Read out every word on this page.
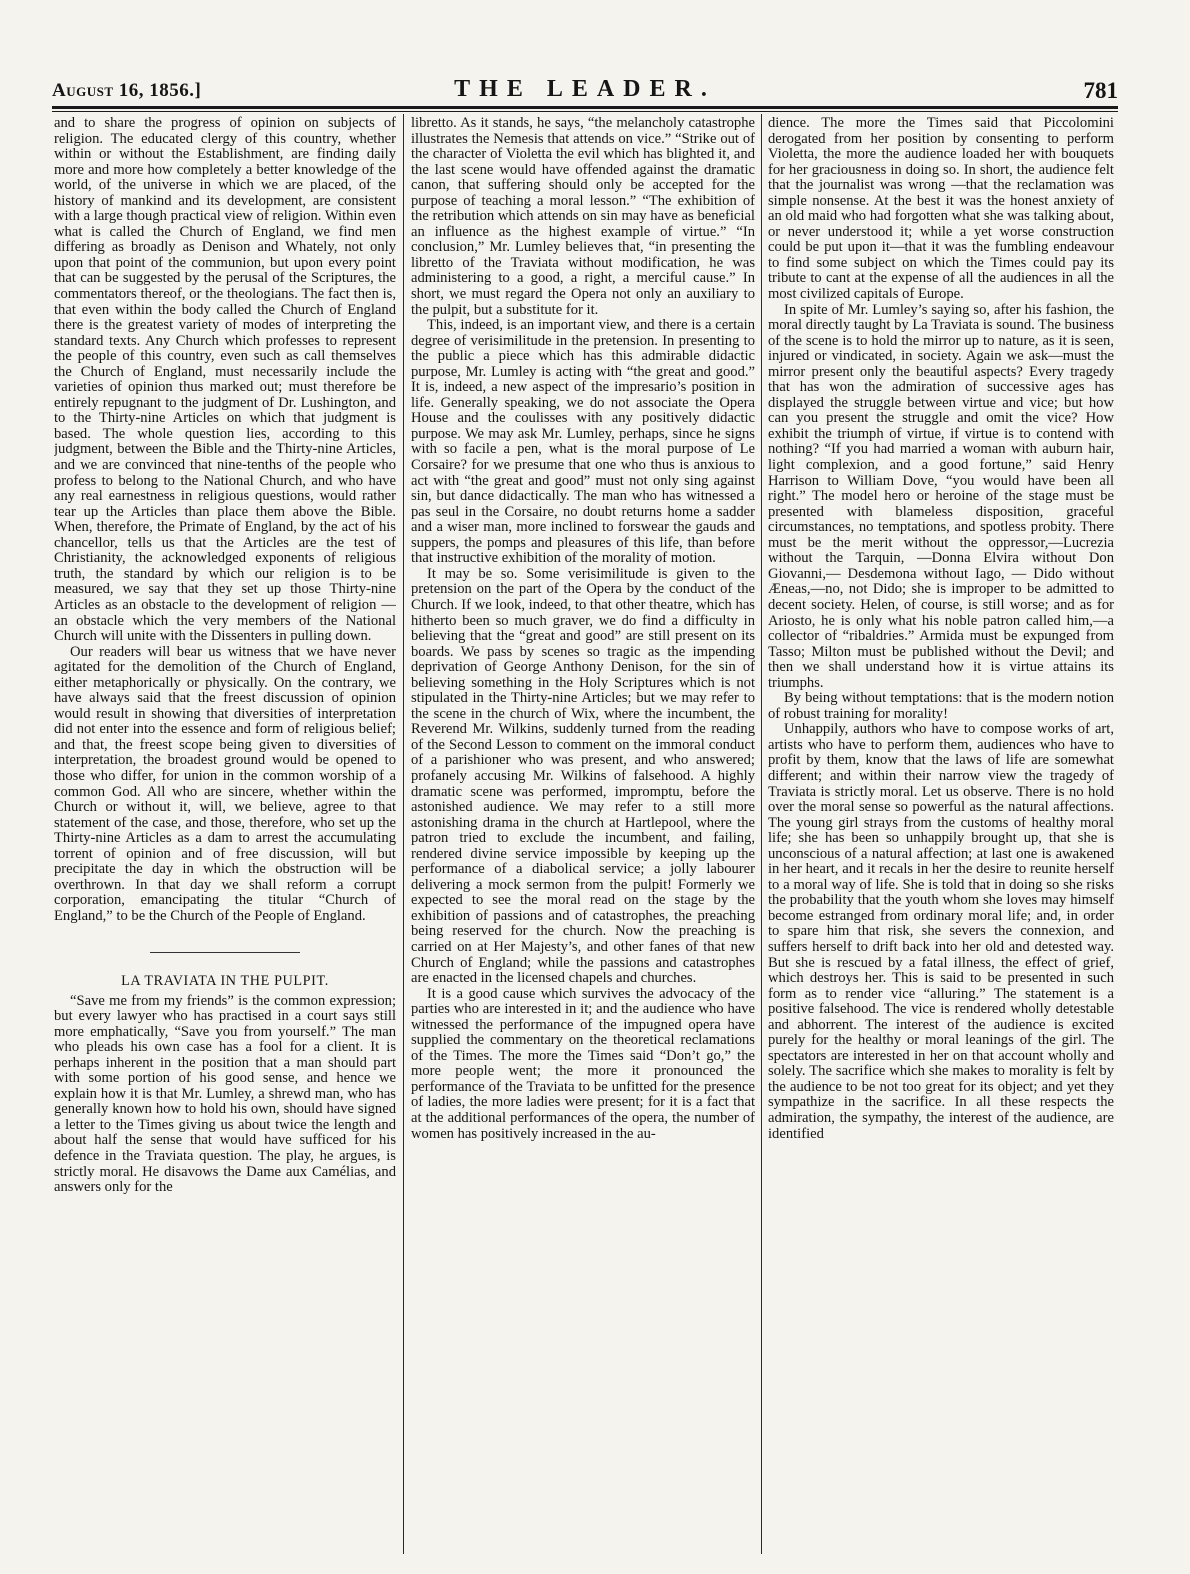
August 16, 1856.]	THE LEADER.	781

and to share the progress of opinion on subjects of religion. The educated clergy of this country, whether within or without the Establishment, are finding daily more and more how completely a better knowledge of the world, of the universe in which we are placed, of the history of mankind and its development, are consistent with a large though practical view of religion. Within even what is called the Church of England, we find men differing as broadly as Denison and Whately, not only upon that point of the communion, but upon every point that can be suggested by the perusal of the Scriptures, the commentators thereof, or the theologians. The fact then is, that even within the body called the Church of England there is the greatest variety of modes of interpreting the standard texts. Any Church which professes to represent the people of this country, even such as call themselves the Church of England, must necessarily include the varieties of opinion thus marked out; must therefore be entirely repugnant to the judgment of Dr. Lushington, and to the Thirty-nine Articles on which that judgment is based. The whole question lies, according to this judgment, between the Bible and the Thirty-nine Articles, and we are convinced that nine-tenths of the people who profess to belong to the National Church, and who have any real earnestness in religious questions, would rather tear up the Articles than place them above the Bible. When, therefore, the Primate of England, by the act of his chancellor, tells us that the Articles are the test of Christianity, the acknowledged exponents of religious truth, the standard by which our religion is to be measured, we say that they set up those Thirty-nine Articles as an obstacle to the development of religion —an obstacle which the very members of the National Church will unite with the Dissenters in pulling down.

Our readers will bear us witness that we have never agitated for the demolition of the Church of England, either metaphorically or physically. On the contrary, we have always said that the freest discussion of opinion would result in showing that diversities of interpretation did not enter into the essence and form of religious belief; and that, the freest scope being given to diversities of interpretation, the broadest ground would be opened to those who differ, for union in the common worship of a common God. All who are sincere, whether within the Church or without it, will, we believe, agree to that statement of the case, and those, therefore, who set up the Thirty-nine Articles as a dam to arrest the accumulating torrent of opinion and of free discussion, will but precipitate the day in which the obstruction will be overthrown. In that day we shall reform a corrupt corporation, emancipating the titular “Church of England,” to be the Church of the People of England.

LA TRAVIATA IN THE PULPIT.

“Save me from my friends” is the common expression; but every lawyer who has practised in a court says still more emphatically, “Save you from yourself.” The man who pleads his own case has a fool for a client. It is perhaps inherent in the position that a man should part with some portion of his good sense, and hence we explain how it is that Mr. Lumley, a shrewd man, who has generally known how to hold his own, should have signed a letter to the Times giving us about twice the length and about half the sense that would have sufficed for his defence in the Traviata question. The play, he argues, is strictly moral. He disavows the Dame aux Camélias, and answers only for the

libretto. As it stands, he says, “the melancholy catastrophe illustrates the Nemesis that attends on vice.” “Strike out of the character of Violetta the evil which has blighted it, and the last scene would have offended against the dramatic canon, that suffering should only be accepted for the purpose of teaching a moral lesson.” “The exhibition of the retribution which attends on sin may have as beneficial an influence as the highest example of virtue.” “In conclusion,” Mr. Lumley believes that, “in presenting the libretto of the Traviata without modification, he was administering to a good, a right, a merciful cause.” In short, we must regard the Opera not only an auxiliary to the pulpit, but a substitute for it.

This, indeed, is an important view, and there is a certain degree of verisimilitude in the pretension. In presenting to the public a piece which has this admirable didactic purpose, Mr. Lumley is acting with “the great and good.” It is, indeed, a new aspect of the impresario’s position in life. Generally speaking, we do not associate the Opera House and the coulisses with any positively didactic purpose. We may ask Mr. Lumley, perhaps, since he signs with so facile a pen, what is the moral purpose of Le Corsaire? for we presume that one who thus is anxious to act with “the great and good” must not only sing against sin, but dance didactically. The man who has witnessed a pas seul in the Corsaire, no doubt returns home a sadder and a wiser man, more inclined to forswear the gauds and suppers, the pomps and pleasures of this life, than before that instructive exhibition of the morality of motion.

It may be so. Some verisimilitude is given to the pretension on the part of the Opera by the conduct of the Church. If we look, indeed, to that other theatre, which has hitherto been so much graver, we do find a difficulty in believing that the “great and good” are still present on its boards. We pass by scenes so tragic as the impending deprivation of George Anthony Denison, for the sin of believing something in the Holy Scriptures which is not stipulated in the Thirty-nine Articles; but we may refer to the scene in the church of Wix, where the incumbent, the Reverend Mr. Wilkins, suddenly turned from the reading of the Second Lesson to comment on the immoral conduct of a parishioner who was present, and who answered; profanely accusing Mr. Wilkins of falsehood. A highly dramatic scene was performed, impromptu, before the astonished audience. We may refer to a still more astonishing drama in the church at Hartlepool, where the patron tried to exclude the incumbent, and failing, rendered divine service impossible by keeping up the performance of a diabolical service; a jolly labourer delivering a mock sermon from the pulpit! Formerly we expected to see the moral read on the stage by the exhibition of passions and of catastrophes, the preaching being reserved for the church. Now the preaching is carried on at Her Majesty’s, and other fanes of that new Church of England; while the passions and catastrophes are enacted in the licensed chapels and churches.

It is a good cause which survives the advocacy of the parties who are interested in it; and the audience who have witnessed the performance of the impugned opera have supplied the commentary on the theoretical reclamations of the Times. The more the Times said “Don’t go,” the more people went; the more it pronounced the performance of the Traviata to be unfitted for the presence of ladies, the more ladies were present; for it is a fact that at the additional performances of the opera, the number of women has positively increased in the au-

dience. The more the Times said that Piccolomini derogated from her position by consenting to perform Violetta, the more the audience loaded her with bouquets for her graciousness in doing so. In short, the audience felt that the journalist was wrong —that the reclamation was simple nonsense. At the best it was the honest anxiety of an old maid who had forgotten what she was talking about, or never understood it; while a yet worse construction could be put upon it—that it was the fumbling endeavour to find some subject on which the Times could pay its tribute to cant at the expense of all the audiences in all the most civilized capitals of Europe.

In spite of Mr. Lumley’s saying so, after his fashion, the moral directly taught by La Traviata is sound. The business of the scene is to hold the mirror up to nature, as it is seen, injured or vindicated, in society. Again we ask—must the mirror present only the beautiful aspects? Every tragedy that has won the admiration of successive ages has displayed the struggle between virtue and vice; but how can you present the struggle and omit the vice? How exhibit the triumph of virtue, if virtue is to contend with nothing? “If you had married a woman with auburn hair, light complexion, and a good fortune,” said Henry Harrison to William Dove, “you would have been all right.” The model hero or heroine of the stage must be presented with blameless disposition, graceful circumstances, no temptations, and spotless probity. There must be the merit without the oppressor,—Lucrezia without the Tarquin, —Donna Elvira without Don Giovanni,— Desdemona without Iago, — Dido without Æneas,—no, not Dido; she is improper to be admitted to decent society. Helen, of course, is still worse; and as for Ariosto, he is only what his noble patron called him,—a collector of “ribaldries.” Armida must be expunged from Tasso; Milton must be published without the Devil; and then we shall understand how it is virtue attains its triumphs.

By being without temptations: that is the modern notion of robust training for morality!

Unhappily, authors who have to compose works of art, artists who have to perform them, audiences who have to profit by them, know that the laws of life are somewhat different; and within their narrow view the tragedy of Traviata is strictly moral. Let us observe. There is no hold over the moral sense so powerful as the natural affections. The young girl strays from the customs of healthy moral life; she has been so unhappily brought up, that she is unconscious of a natural affection; at last one is awakened in her heart, and it recals in her the desire to reunite herself to a moral way of life. She is told that in doing so she risks the probability that the youth whom she loves may himself become estranged from ordinary moral life; and, in order to spare him that risk, she severs the connexion, and suffers herself to drift back into her old and detested way. But she is rescued by a fatal illness, the effect of grief, which destroys her. This is said to be presented in such form as to render vice “alluring.” The statement is a positive falsehood. The vice is rendered wholly detestable and abhorrent. The interest of the audience is excited purely for the healthy or moral leanings of the girl. The spectators are interested in her on that account wholly and solely. The sacrifice which she makes to morality is felt by the audience to be not too great for its object; and yet they sympathize in the sacrifice. In all these respects the admiration, the sympathy, the interest of the audience, are identified
